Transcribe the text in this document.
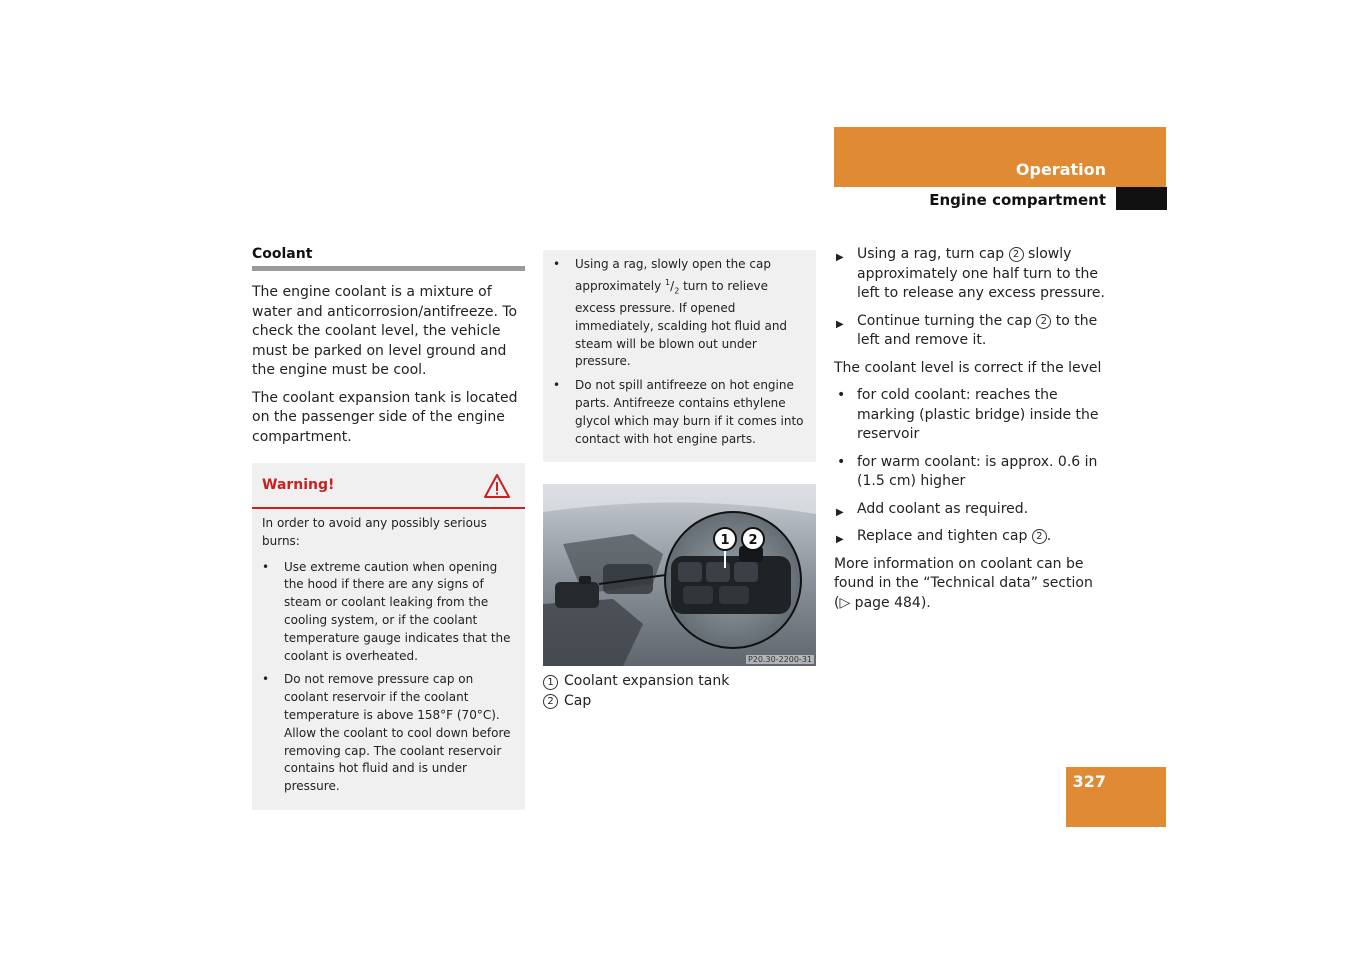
Operation
Engine compartment
327
Coolant

The engine coolant is a mixture of water and anticorrosion/antifreeze. To check the coolant level, the vehicle must be parked on level ground and the engine must be cool.

The coolant expansion tank is located on the passenger side of the engine compartment.

Warning!

In order to avoid any possibly serious burns:

• Use extreme caution when opening the hood if there are any signs of steam or coolant leaking from the cooling system, or if the coolant temperature gauge indicates that the coolant is overheated.
• Do not remove pressure cap on coolant reservoir if the coolant temperature is above 158°F (70°C). Allow the coolant to cool down before removing cap. The coolant reservoir contains hot fluid and is under pressure.
• Using a rag, slowly open the cap approximately $^1/_2$ turn to relieve excess pressure. If opened immediately, scalding hot fluid and steam will be blown out under pressure.
• Do not spill antifreeze on hot engine parts. Antifreeze contains ethylene glycol which may burn if it comes into contact with hot engine parts.
1 2
P20.30-2200-31
1 Coolant expansion tank
2 Cap
▶ Using a rag, turn cap 2 slowly approximately one half turn to the left to release any excess pressure.
▶ Continue turning the cap 2 to the left and remove it.

The coolant level is correct if the level

• for cold coolant: reaches the marking (plastic bridge) inside the reservoir
• for warm coolant: is approx. 0.6 in (1.5 cm) higher
▶ Add coolant as required.
▶ Replace and tighten cap 2 .

More information on coolant can be found in the “Technical data” section
(▷ page 484).
